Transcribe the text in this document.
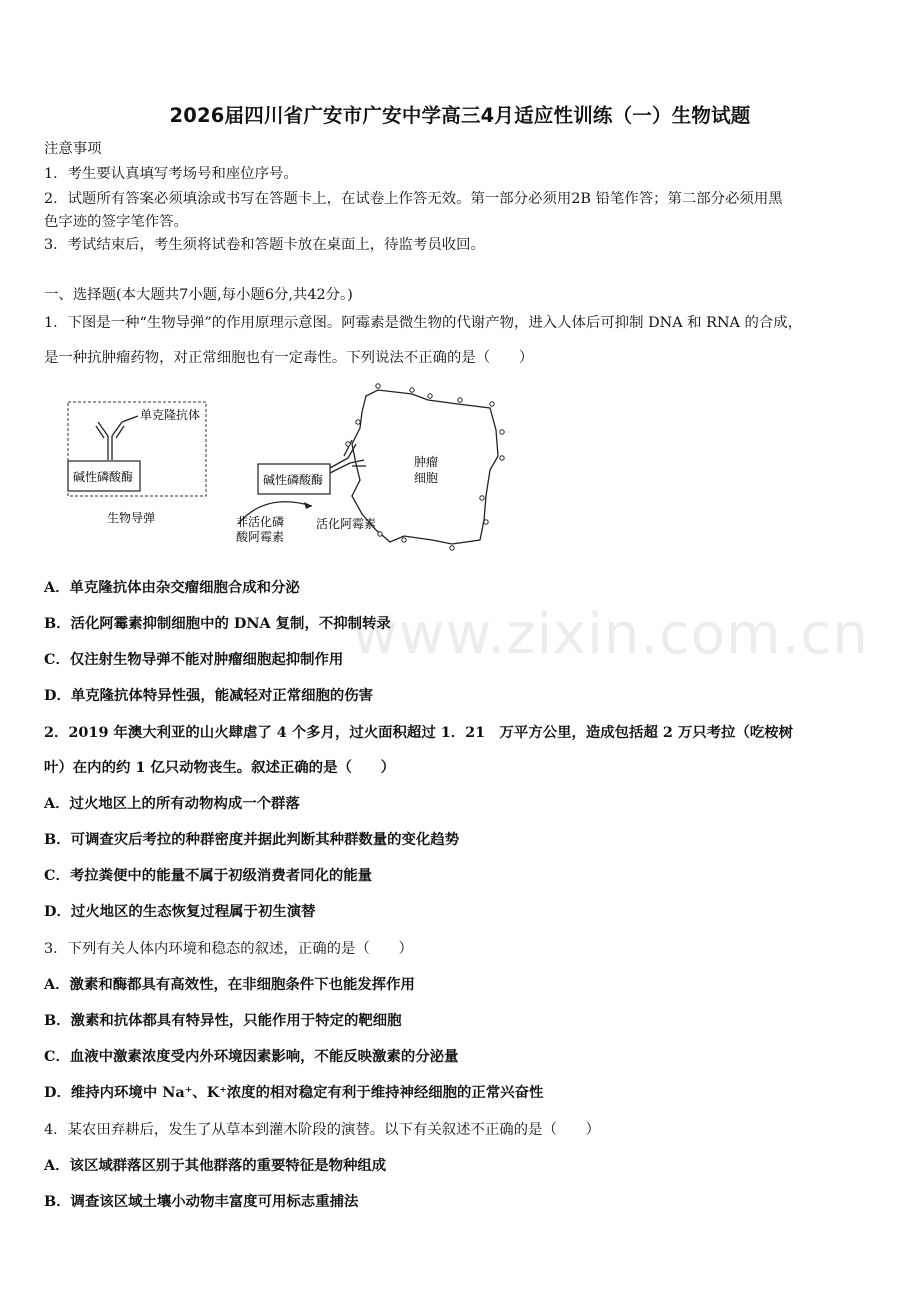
2026届四川省广安市广安中学高三4月适应性训练（一）生物试题
注意事项
1．考生要认真填写考场号和座位序号。
2．试题所有答案必须填涂或书写在答题卡上，在试卷上作答无效。第一部分必须用2B 铅笔作答；第二部分必须用黑
色字迹的签字笔作答。
3．考试结束后，考生须将试卷和答题卡放在桌面上，待监考员收回。
一、选择题(本大题共7小题,每小题6分,共42分。)
1．下图是一种“生物导弹”的作用原理示意图。阿霉素是微生物的代谢产物，进入人体后可抑制 DNA 和 RNA 的合成，
是一种抗肿瘤药物，对正常细胞也有一定毒性。下列说法不正确的是（　　）
单克隆抗体
碱性磷酸酶
生物导弹
碱性磷酸酶
非活化磷
酸阿霉素
活化阿霉素
肿瘤
细胞
A．单克隆抗体由杂交瘤细胞合成和分泌
B．活化阿霉素抑制细胞中的 DNA 复制，不抑制转录
C．仅注射生物导弹不能对肿瘤细胞起抑制作用
D．单克隆抗体特异性强，能减轻对正常细胞的伤害
2．2019 年澳大利亚的山火肆虐了 4 个多月，过火面积超过 1．21　万平方公里，造成包括超 2 万只考拉（吃桉树
叶）在内的约 1 亿只动物丧生。叙述正确的是（　　）
A．过火地区上的所有动物构成一个群落
B．可调查灾后考拉的种群密度并据此判断其种群数量的变化趋势
C．考拉粪便中的能量不属于初级消费者同化的能量
D．过火地区的生态恢复过程属于初生演替
3．下列有关人体内环境和稳态的叙述，正确的是（　　）
A．激素和酶都具有高效性，在非细胞条件下也能发挥作用
B．激素和抗体都具有特异性，只能作用于特定的靶细胞
C．血液中激素浓度受内外环境因素影响，不能反映激素的分泌量
D．维持内环境中 Na⁺、K⁺浓度的相对稳定有利于维持神经细胞的正常兴奋性
4．某农田弃耕后，发生了从草本到灌木阶段的演替。以下有关叙述不正确的是（　　）
A．该区域群落区别于其他群落的重要特征是物种组成
B．调查该区域土壤小动物丰富度可用标志重捕法
www.zixin.com.cn
